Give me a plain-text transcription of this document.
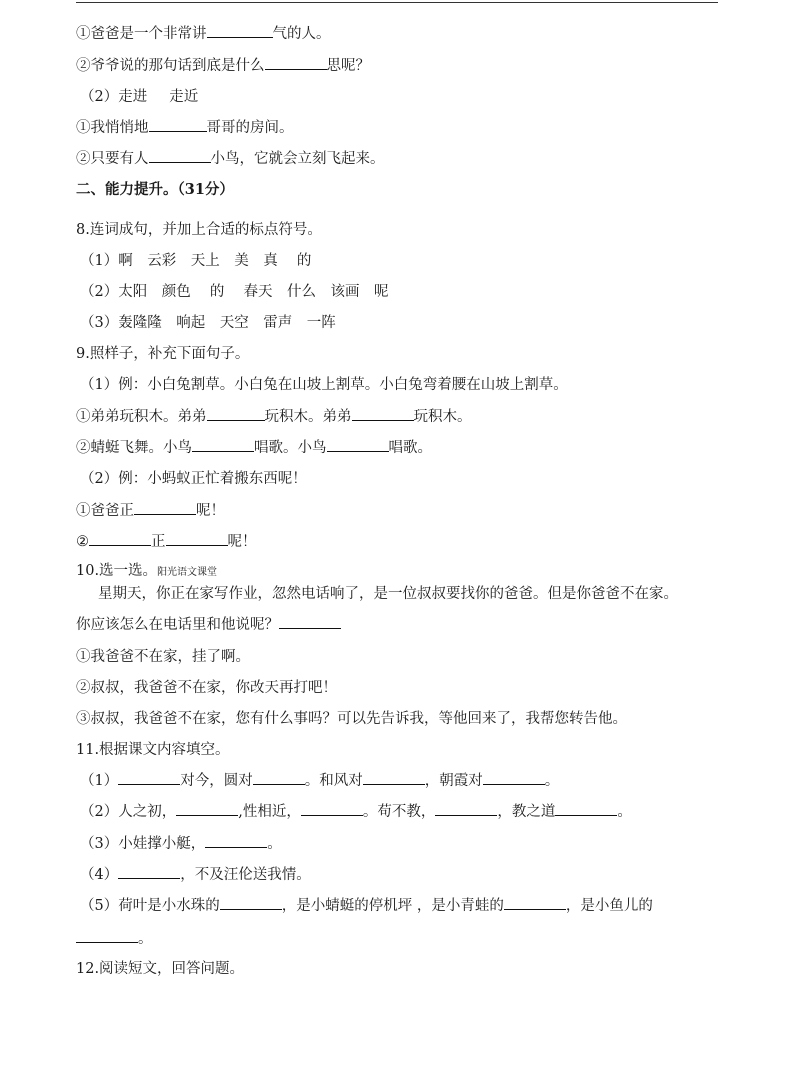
①爸爸是一个非常讲	气的人。
②爷爷说的那句话到底是什么	思呢？
（2）走进 走近
①我悄悄地	哥哥的房间。
②只要有人	小鸟，它就会立刻飞起来。
二、能力提升。（31分）
8.连词成句，并加上合适的标点符号。
（1）啊　云彩　天上　美　真　 的
（2）太阳　颜色　 的　 春天　什么　该画　呢
（3）轰隆隆　响起　天空　雷声　一阵
9.照样子，补充下面句子。
（1）例：小白兔割草。小白兔在山坡上割草。小白兔弯着腰在山坡上割草。
①弟弟玩积木。弟弟	玩积木。弟弟	玩积木。
②蜻蜓飞舞。小鸟	唱歌。小鸟	唱歌。
（2）例：小蚂蚁正忙着搬东西呢！
①爸爸正	呢！
②	正	呢！
10.选一选。阳光语文课堂
星期天，你正在家写作业，忽然电话响了，是一位叔叔要找你的爸爸。但是你爸爸不在家。
你应该怎么在电话里和他说呢？
①我爸爸不在家，挂了啊。
②叔叔，我爸爸不在家，你改天再打吧！
③叔叔，我爸爸不在家，您有什么事吗？可以先告诉我，等他回来了，我帮您转告他。
11.根据课文内容填空。
（1）	对今，圆对	。和风对	，朝霞对	。
（2）人之初，	,性相近，	。苟不教，	，教之道	。
（3）小娃撑小艇，	。
（4）	，不及汪伦送我情。
（5）荷叶是小水珠的	，是小蜻蜓的停机坪 ，是小青蛙的	，是小鱼儿的
。
12.阅读短文，回答问题。
